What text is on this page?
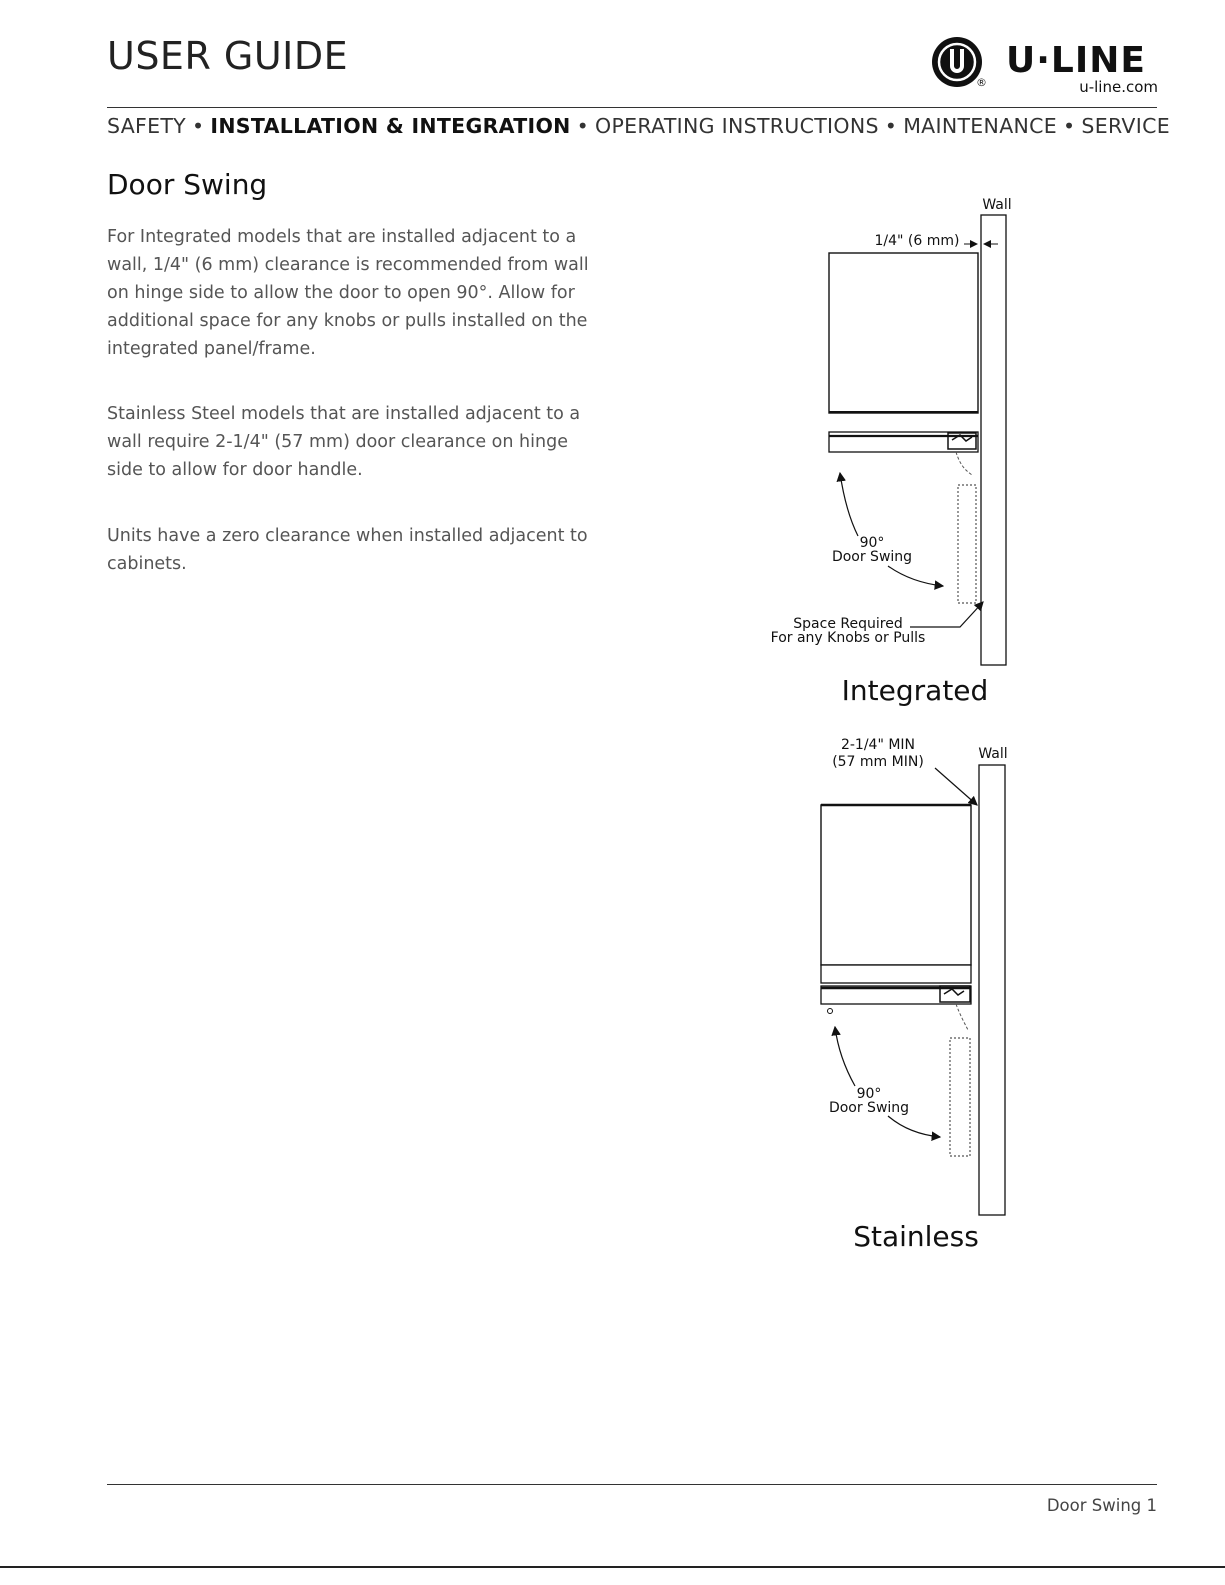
USER GUIDE
®
U·LINE
u-line.com
SAFETY • INSTALLATION & INTEGRATION • OPERATING INSTRUCTIONS • MAINTENANCE • SERVICE
Door Swing

For Integrated models that are installed adjacent to a wall, 1/4" (6 mm) clearance is recommended from wall on hinge side to allow the door to open 90°. Allow for additional space for any knobs or pulls installed on the integrated panel/frame.

Stainless Steel models that are installed adjacent to a wall require 2-1/4" (57 mm) door clearance on hinge side to allow for door handle.

Units have a zero clearance when installed adjacent to cabinets.

Wall
1/4" (6 mm)
90°
Door Swing
Space Required
For any Knobs or Pulls
Integrated
Wall
2-1/4" MIN
(57 mm MIN)
90°
Door Swing
Stainless
Door Swing 1
